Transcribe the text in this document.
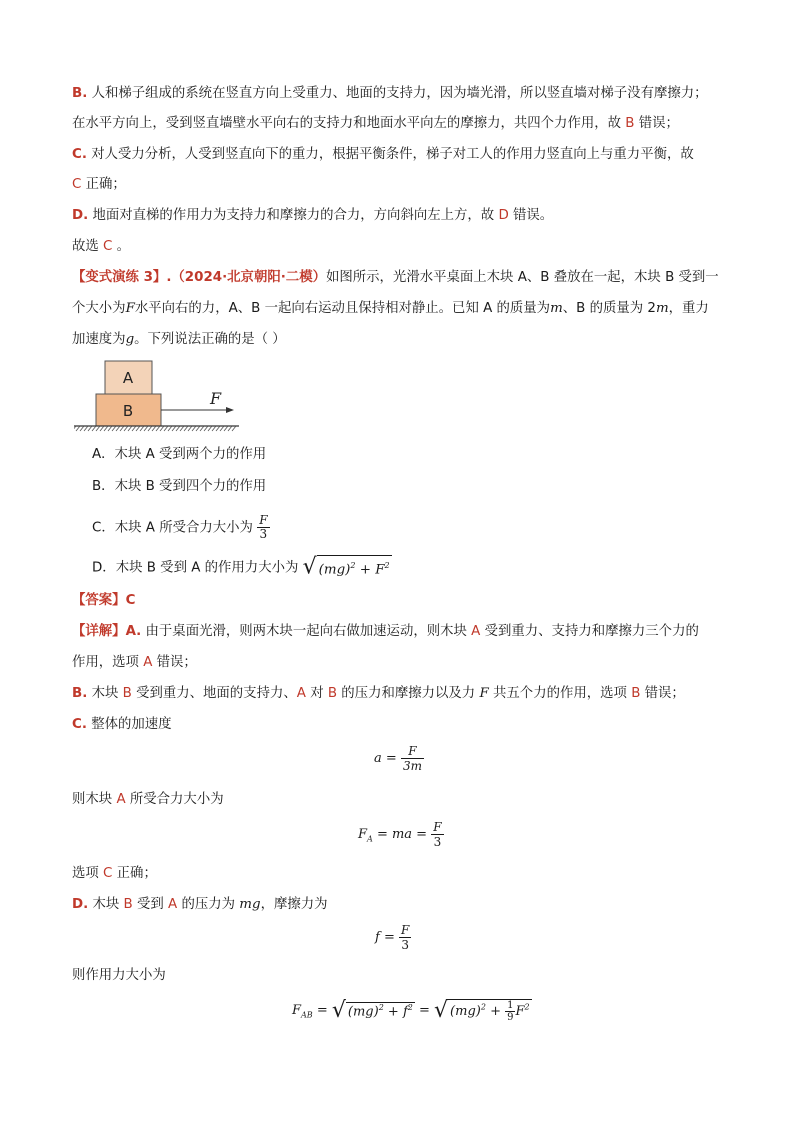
B. 人和梯子组成的系统在竖直方向上受重力、地面的支持力，因为墙光滑，所以竖直墙对梯子没有摩擦力；
在水平方向上，受到竖直墙壁水平向右的支持力和地面水平向左的摩擦力，共四个力作用，故 B 错误；
C. 对人受力分析，人受到竖直向下的重力，根据平衡条件，梯子对工人的作用力竖直向上与重力平衡，故
C 正确；
D. 地面对直梯的作用力为支持力和摩擦力的合力，方向斜向左上方，故 D 错误。
故选 C 。
【变式演练 3】.（2024·北京朝阳·二模）如图所示，光滑水平桌面上木块 A、B 叠放在一起，木块 B 受到一
个大小为F水平向右的力，A、B 一起向右运动且保持相对静止。已知 A 的质量为m、B 的质量为 2m，重力
加速度为g。下列说法正确的是（ ）
A
F
B
A．木块 A 受到两个力的作用
B．木块 B 受到四个力的作用
C．木块 A 所受合力大小为 $\frac{F}{3}$
D．木块 B 受到 A 的作用力大小为 √ $(mg)^2 + F^2$
【答案】C
【详解】A. 由于桌面光滑，则两木块一起向右做加速运动，则木块 A 受到重力、支持力和摩擦力三个力的
作用，选项 A 错误；
B. 木块 B 受到重力、地面的支持力、A 对 B 的压力和摩擦力以及力 F 共五个力的作用，选项 B 错误；
C. 整体的加速度
$a = \frac{F}{3m}$
则木块 A 所受合力大小为
$F_A$ = ma = $\frac{F}{3}$
选项 C 正确；
D. 木块 B 受到 A 的压力为 mg，摩擦力为
$f = \frac{F}{3}$
则作用力大小为
$F_{AB}$ = √ $(mg)^2 + f^2$ = √ $(mg)^2 + \frac{1}{9} F^2$
